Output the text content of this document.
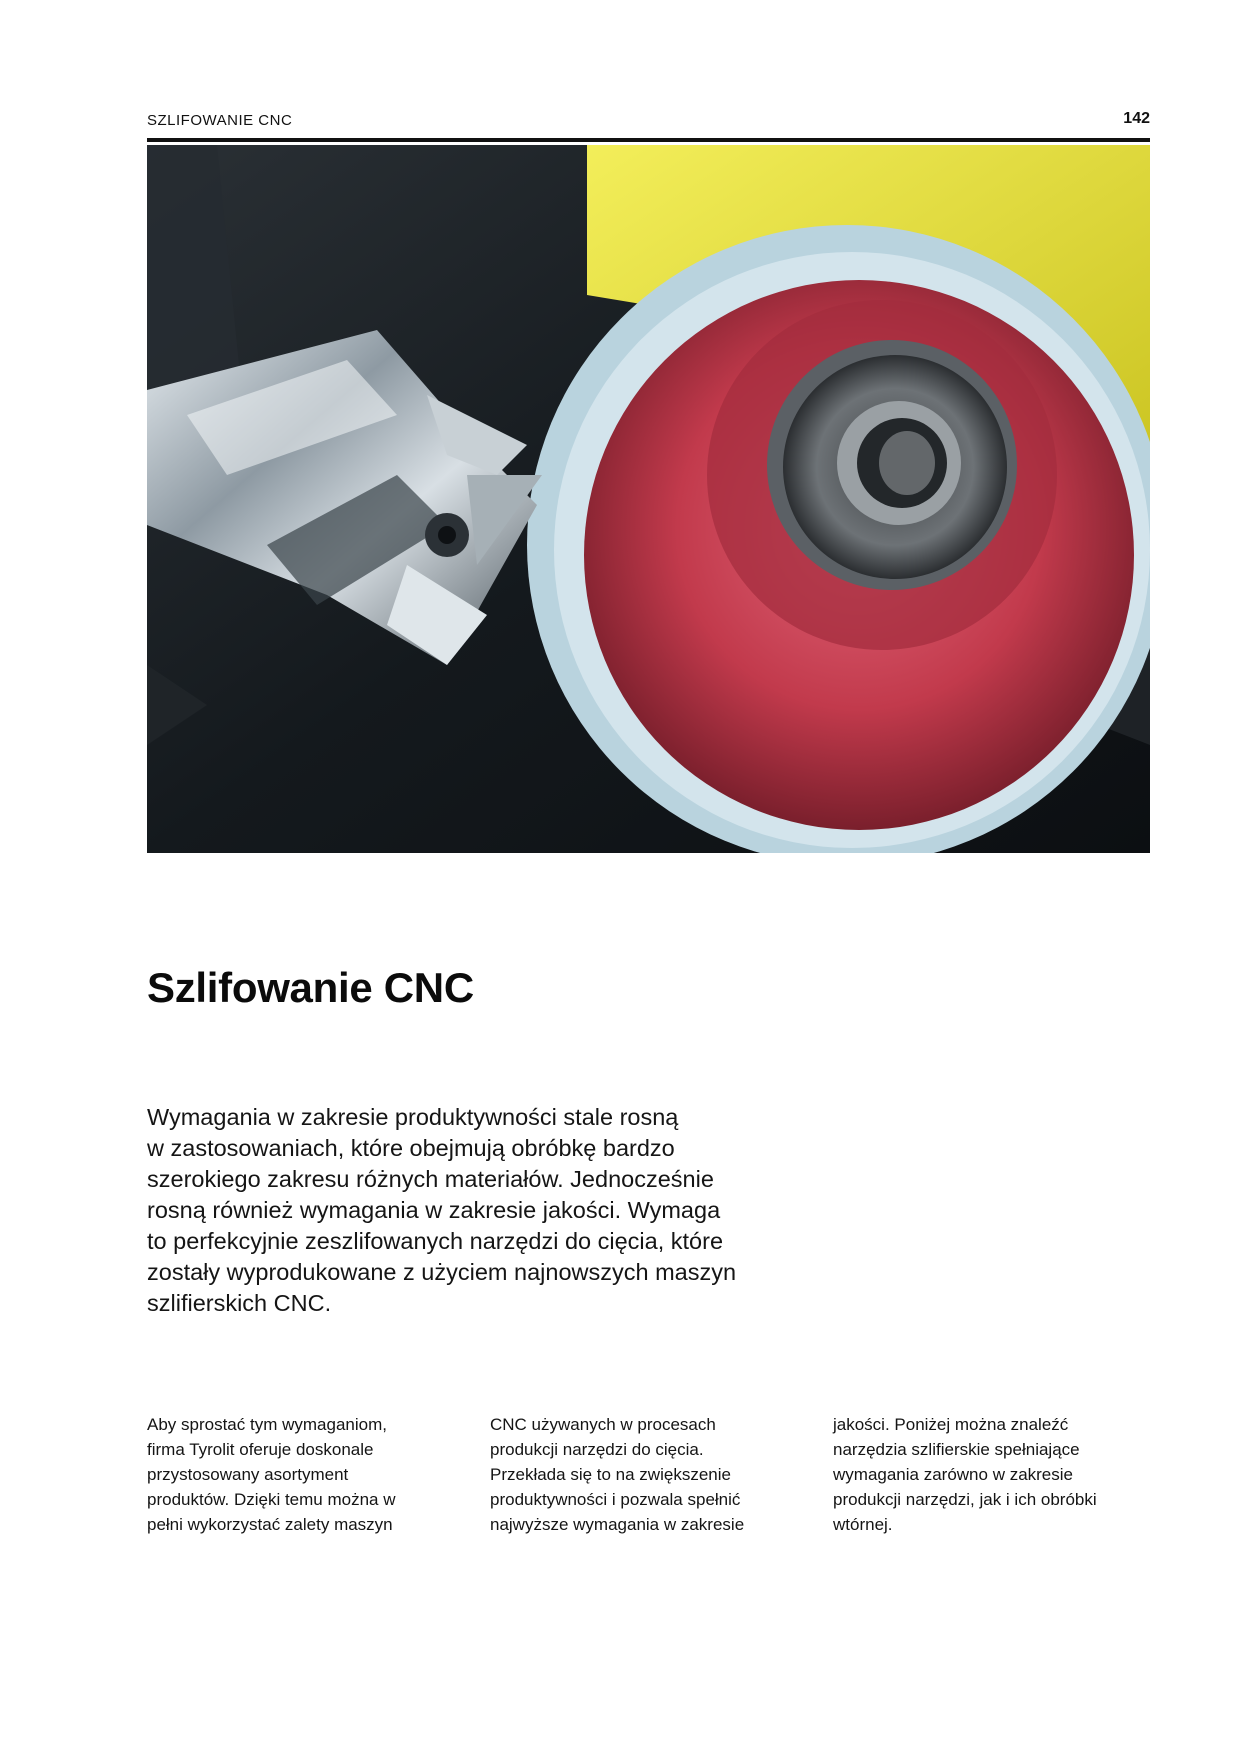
SZLIFOWANIE CNC	142
Szlifowanie CNC

Wymagania w zakresie produktywności stale rosną
w zastosowaniach, które obejmują obróbkę bardzo
szerokiego zakresu różnych materiałów. Jednocześnie
rosną również wymagania w zakresie jakości. Wymaga
to perfekcyjnie zeszlifowanych narzędzi do cięcia, które
zostały wyprodukowane z użyciem najnowszych maszyn
szlifierskich CNC.

Aby sprostać tym wymaganiom,
firma Tyrolit oferuje doskonale
przystosowany asortyment
produktów. Dzięki temu można w
pełni wykorzystać zalety maszyn

CNC używanych w procesach
produkcji narzędzi do cięcia.
Przekłada się to na zwiększenie
produktywności i pozwala spełnić
najwyższe wymagania w zakresie

jakości. Poniżej można znaleźć
narzędzia szlifierskie spełniające
wymagania zarówno w zakresie
produkcji narzędzi, jak i ich obróbki
wtórnej.
